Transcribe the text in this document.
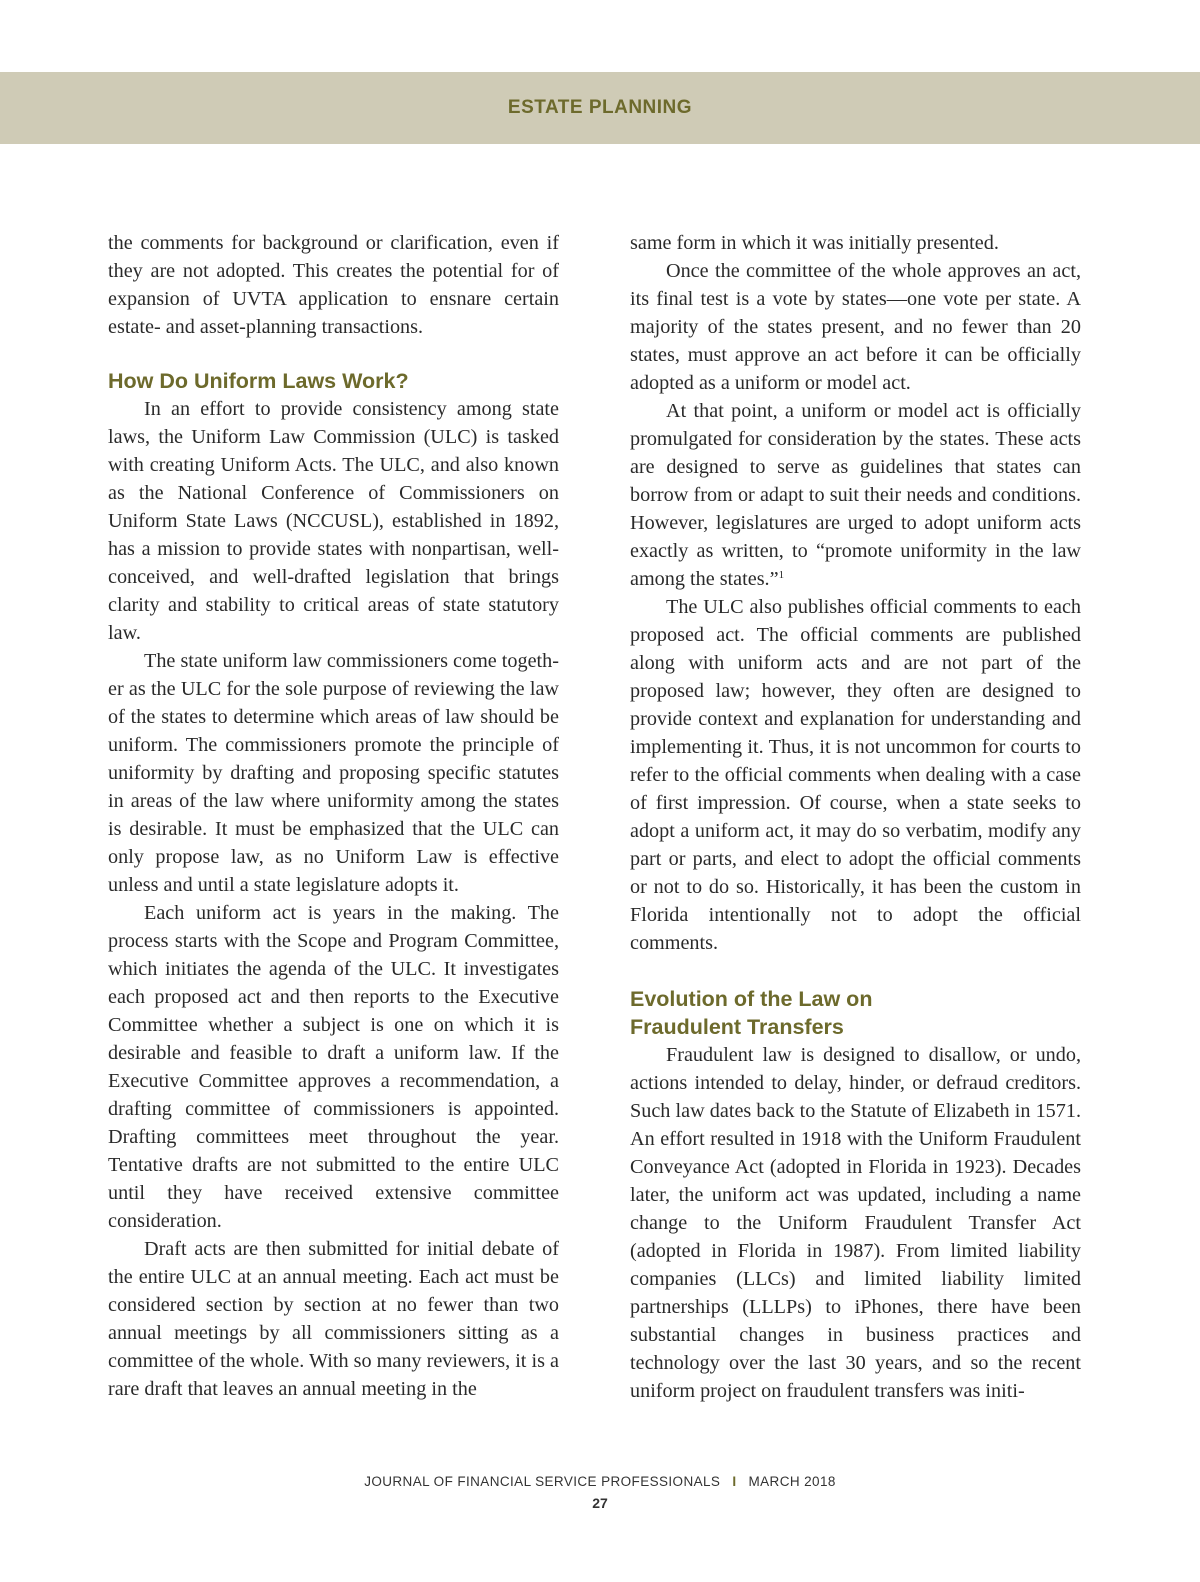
ESTATE PLANNING

the comments for background or clarification, even if they are not adopted. This creates the potential for of expansion of UVTA application to ensnare certain estate- and asset-planning transactions.

How Do Uniform Laws Work?

In an effort to provide consistency among state laws, the Uniform Law Commission (ULC) is tasked with creating Uniform Acts. The ULC, and also known as the National Conference of Commissioners on Uniform State Laws (NCCUSL), established in 1892, has a mission to provide states with nonpartisan, well-conceived, and well-drafted legislation that brings clarity and stability to critical areas of state statutory law.

The state uniform law commissioners come together as the ULC for the sole purpose of reviewing the law of the states to determine which areas of law should be uniform. The commissioners promote the principle of uniformity by drafting and proposing specific statutes in areas of the law where uniformity among the states is desirable. It must be emphasized that the ULC can only propose law, as no Uniform Law is effective unless and until a state legislature adopts it.

Each uniform act is years in the making. The process starts with the Scope and Program Committee, which initiates the agenda of the ULC. It investigates each proposed act and then reports to the Executive Committee whether a subject is one on which it is desirable and feasible to draft a uniform law. If the Executive Committee approves a recommendation, a drafting committee of commissioners is appointed. Drafting committees meet throughout the year. Tentative drafts are not submitted to the entire ULC until they have received extensive committee consideration.

Draft acts are then submitted for initial debate of the entire ULC at an annual meeting. Each act must be considered section by section at no fewer than two annual meetings by all commissioners sitting as a committee of the whole. With so many reviewers, it is a rare draft that leaves an annual meeting in the

same form in which it was initially presented.

Once the committee of the whole approves an act, its final test is a vote by states—one vote per state. A majority of the states present, and no fewer than 20 states, must approve an act before it can be officially adopted as a uniform or model act.

At that point, a uniform or model act is officially promulgated for consideration by the states. These acts are designed to serve as guidelines that states can borrow from or adapt to suit their needs and conditions. However, legislatures are urged to adopt uniform acts exactly as written, to “promote uniformity in the law among the states.”$^1$

The ULC also publishes official comments to each proposed act. The official comments are published along with uniform acts and are not part of the proposed law; however, they often are designed to provide context and explanation for understanding and implementing it. Thus, it is not uncommon for courts to refer to the official comments when dealing with a case of first impression. Of course, when a state seeks to adopt a uniform act, it may do so verbatim, modify any part or parts, and elect to adopt the official comments or not to do so. Historically, it has been the custom in Florida intentionally not to adopt the official comments.

Evolution of the Law on
Fraudulent Transfers

Fraudulent law is designed to disallow, or undo, actions intended to delay, hinder, or defraud creditors. Such law dates back to the Statute of Elizabeth in 1571. An effort resulted in 1918 with the Uniform Fraudulent Conveyance Act (adopted in Florida in 1923). Decades later, the uniform act was updated, including a name change to the Uniform Fraudulent Transfer Act (adopted in Florida in 1987). From limited liability companies (LLCs) and limited liability limited partnerships (LLLPs) to iPhones, there have been substantial changes in business practices and technology over the last 30 years, and so the recent uniform project on fraudulent transfers was initi-

JOURNAL OF FINANCIAL SERVICE PROFESSIONALS I MARCH 2018
27
